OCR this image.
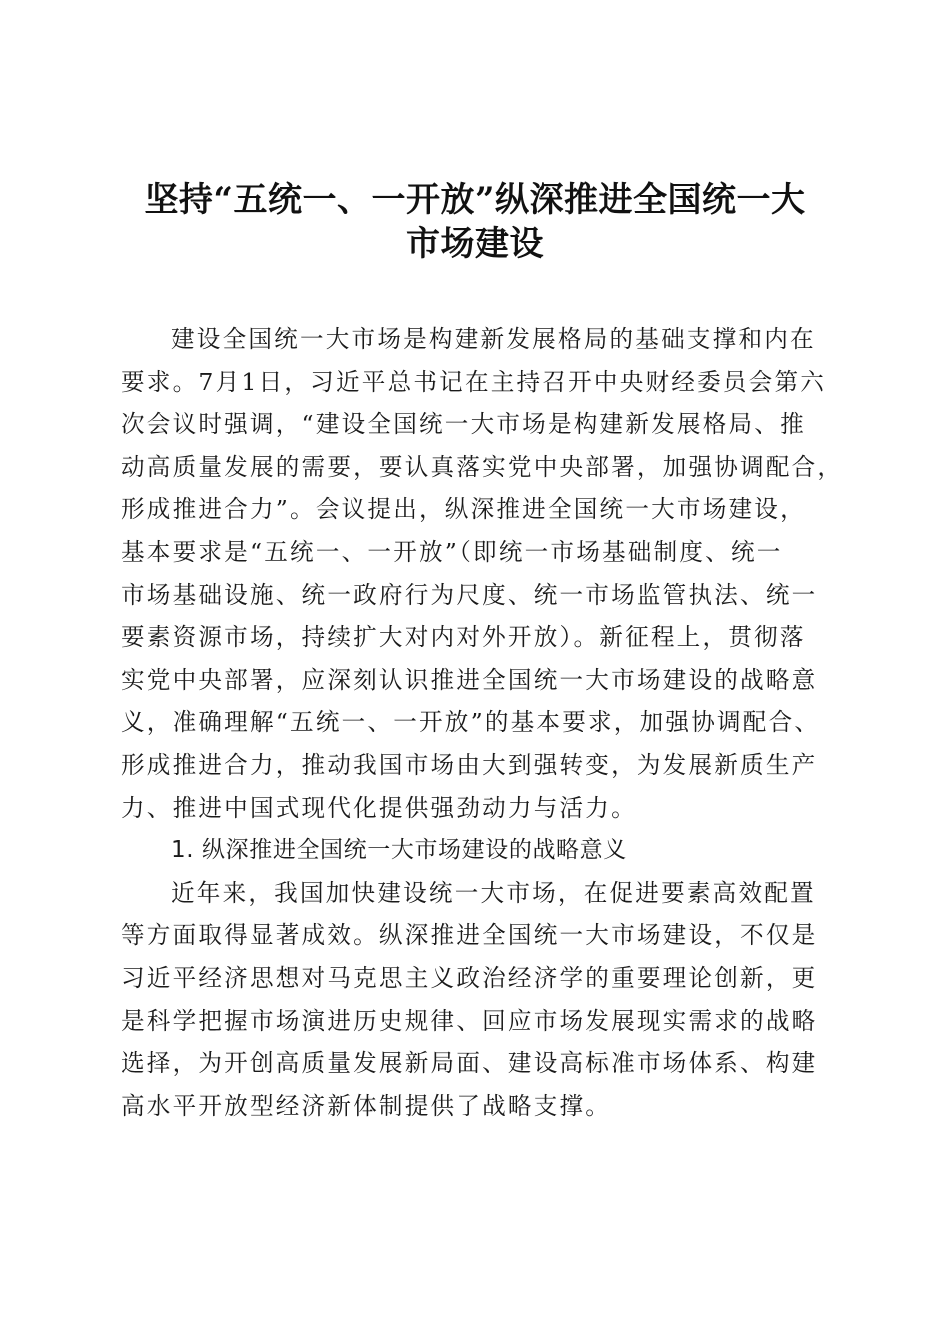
坚持“五统一、一开放”纵深推进全国统一大
市场建设
建设全国统一大市场是构建新发展格局的基础支撑和内在
要求。7月1日，习近平总书记在主持召开中央财经委员会第六
次会议时强调，“建设全国统一大市场是构建新发展格局、推
动高质量发展的需要，要认真落实党中央部署，加强协调配合，
形成推进合力”。会议提出，纵深推进全国统一大市场建设，
基本要求是“五统一、一开放”（即统一市场基础制度、统一
市场基础设施、统一政府行为尺度、统一市场监管执法、统一
要素资源市场，持续扩大对内对外开放）。新征程上，贯彻落
实党中央部署，应深刻认识推进全国统一大市场建设的战略意
义，准确理解“五统一、一开放”的基本要求，加强协调配合、
形成推进合力，推动我国市场由大到强转变，为发展新质生产
力、推进中国式现代化提供强劲动力与活力。
1. 纵深推进全国统一大市场建设的战略意义
近年来，我国加快建设统一大市场，在促进要素高效配置
等方面取得显著成效。纵深推进全国统一大市场建设，不仅是
习近平经济思想对马克思主义政治经济学的重要理论创新，更
是科学把握市场演进历史规律、回应市场发展现实需求的战略
选择，为开创高质量发展新局面、建设高标准市场体系、构建
高水平开放型经济新体制提供了战略支撑。
